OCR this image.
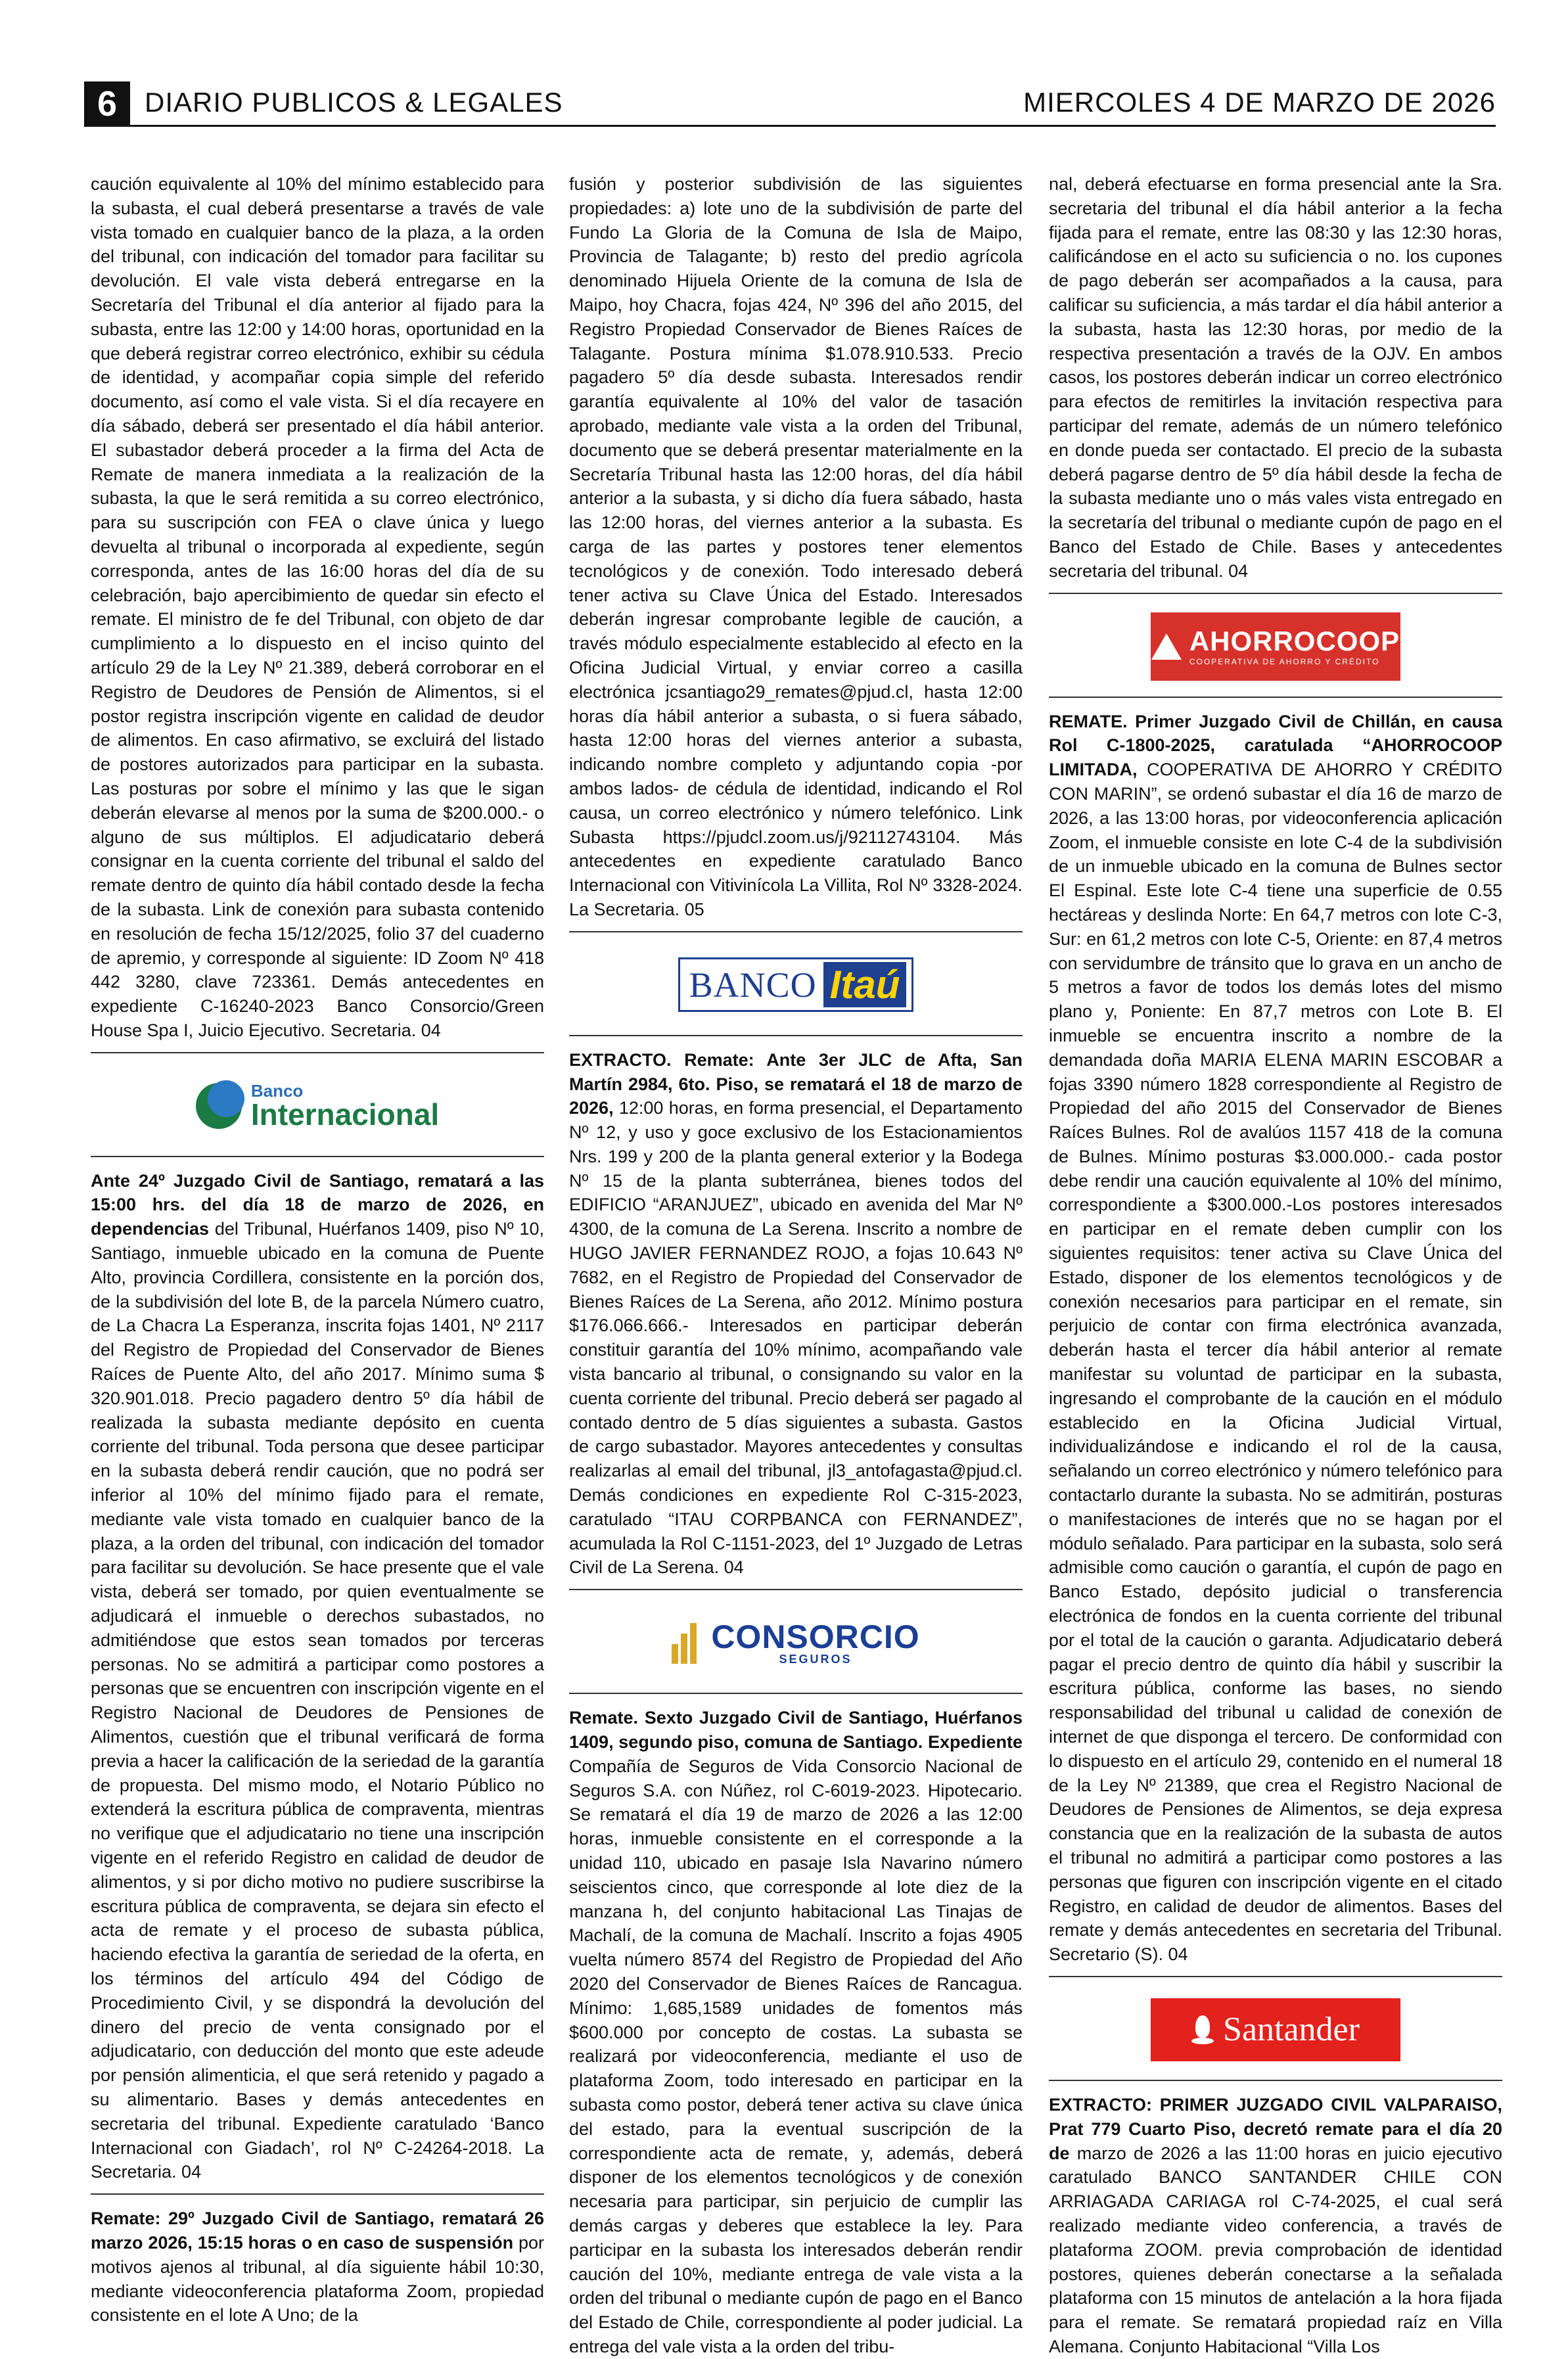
6 DIARIO PUBLICOS & LEGALES	MIERCOLES 4 DE MARZO DE 2026

caución equivalente al 10% del mínimo establecido para la subasta, el cual deberá presentarse a través de vale vista tomado en cualquier banco de la plaza, a la orden del tribunal, con indicación del tomador para facilitar su devolución. El vale vista deberá entregarse en la Secretaría del Tribunal el día anterior al fijado para la subasta, entre las 12:00 y 14:00 horas, oportunidad en la que deberá registrar correo electrónico, exhibir su cédula de identidad, y acompañar copia simple del referido documento, así como el vale vista. Si el día recayere en día sábado, deberá ser presentado el día hábil anterior. El subastador deberá proceder a la firma del Acta de Remate de manera inmediata a la realización de la subasta, la que le será remitida a su correo electrónico, para su suscripción con FEA o clave única y luego devuelta al tribunal o incorporada al expediente, según corresponda, antes de las 16:00 horas del día de su celebración, bajo apercibimiento de quedar sin efecto el remate. El ministro de fe del Tribunal, con objeto de dar cumplimiento a lo dispuesto en el inciso quinto del artículo 29 de la Ley Nº 21.389, deberá corroborar en el Registro de Deudores de Pensión de Alimentos, si el postor registra inscripción vigente en calidad de deudor de alimentos. En caso afirmativo, se excluirá del listado de postores autorizados para participar en la subasta. Las posturas por sobre el mínimo y las que le sigan deberán elevarse al menos por la suma de $200.000.- o alguno de sus múltiplos. El adjudicatario deberá consignar en la cuenta corriente del tribunal el saldo del remate dentro de quinto día hábil contado desde la fecha de la subasta. Link de conexión para subasta contenido en resolución de fecha 15/12/2025, folio 37 del cuaderno de apremio, y corresponde al siguiente: ID Zoom Nº 418 442 3280, clave 723361. Demás antecedentes en expediente C-16240-2023 Banco Consorcio/Green House Spa I, Juicio Ejecutivo. Secretaria. 04

Banco
Internacional

Ante 24º Juzgado Civil de Santiago, rematará a las 15:00 hrs. del día 18 de marzo de 2026, en dependencias del Tribunal, Huérfanos 1409, piso Nº 10, Santiago, inmueble ubicado en la comuna de Puente Alto, provincia Cordillera, consistente en la porción dos, de la subdivisión del lote B, de la parcela Número cuatro, de La Chacra La Esperanza, inscrita fojas 1401, Nº 2117 del Registro de Propiedad del Conservador de Bienes Raíces de Puente Alto, del año 2017. Mínimo suma $ 320.901.018. Precio pagadero dentro 5º día hábil de realizada la subasta mediante depósito en cuenta corriente del tribunal. Toda persona que desee participar en la subasta deberá rendir caución, que no podrá ser inferior al 10% del mínimo fijado para el remate, mediante vale vista tomado en cualquier banco de la plaza, a la orden del tribunal, con indicación del tomador para facilitar su devolución. Se hace presente que el vale vista, deberá ser tomado, por quien eventualmente se adjudicará el inmueble o derechos subastados, no admitiéndose que estos sean tomados por terceras personas. No se admitirá a participar como postores a personas que se encuentren con inscripción vigente en el Registro Nacional de Deudores de Pensiones de Alimentos, cuestión que el tribunal verificará de forma previa a hacer la calificación de la seriedad de la garantía de propuesta. Del mismo modo, el Notario Público no extenderá la escritura pública de compraventa, mientras no verifique que el adjudicatario no tiene una inscripción vigente en el referido Registro en calidad de deudor de alimentos, y si por dicho motivo no pudiere suscribirse la escritura pública de compraventa, se dejara sin efecto el acta de remate y el proceso de subasta pública, haciendo efectiva la garantía de seriedad de la oferta, en los términos del artículo 494 del Código de Procedimiento Civil, y se dispondrá la devolución del dinero del precio de venta consignado por el adjudicatario, con deducción del monto que este adeude por pensión alimenticia, el que será retenido y pagado a su alimentario. Bases y demás antecedentes en secretaria del tribunal. Expediente caratulado ‘Banco Internacional con Giadach’, rol Nº C-24264-2018. La Secretaria. 04

Remate: 29º Juzgado Civil de Santiago, rematará 26 marzo 2026, 15:15 horas o en caso de suspensión por motivos ajenos al tribunal, al día siguiente hábil 10:30, mediante videoconferencia plataforma Zoom, propiedad consistente en el lote A Uno; de la

fusión y posterior subdivisión de las siguientes propiedades: a) lote uno de la subdivisión de parte del Fundo La Gloria de la Comuna de Isla de Maipo, Provincia de Talagante; b) resto del predio agrícola denominado Hijuela Oriente de la comuna de Isla de Maipo, hoy Chacra, fojas 424, Nº 396 del año 2015, del Registro Propiedad Conservador de Bienes Raíces de Talagante. Postura mínima $1.078.910.533. Precio pagadero 5º día desde subasta. Interesados rendir garantía equivalente al 10% del valor de tasación aprobado, mediante vale vista a la orden del Tribunal, documento que se deberá presentar materialmente en la Secretaría Tribunal hasta las 12:00 horas, del día hábil anterior a la subasta, y si dicho día fuera sábado, hasta las 12:00 horas, del viernes anterior a la subasta. Es carga de las partes y postores tener elementos tecnológicos y de conexión. Todo interesado deberá tener activa su Clave Única del Estado. Interesados deberán ingresar comprobante legible de caución, a través módulo especialmente establecido al efecto en la Oficina Judicial Virtual, y enviar correo a casilla electrónica jcsantiago29_remates@pjud.cl, hasta 12:00 horas día hábil anterior a subasta, o si fuera sábado, hasta 12:00 horas del viernes anterior a subasta, indicando nombre completo y adjuntando copia -por ambos lados- de cédula de identidad, indicando el Rol causa, un correo electrónico y número telefónico. Link Subasta https://pjudcl.zoom.us/j/92112743104. Más antecedentes en expediente caratulado Banco Internacional con Vitivinícola La Villita, Rol Nº 3328-2024. La Secretaria. 05

BANCO Itaú

EXTRACTO. Remate: Ante 3er JLC de Afta, San Martín 2984, 6to. Piso, se rematará el 18 de marzo de 2026, 12:00 horas, en forma presencial, el Departamento Nº 12, y uso y goce exclusivo de los Estacionamientos Nrs. 199 y 200 de la planta general exterior y la Bodega Nº 15 de la planta subterránea, bienes todos del EDIFICIO “ARANJUEZ”, ubicado en avenida del Mar Nº 4300, de la comuna de La Serena. Inscrito a nombre de HUGO JAVIER FERNANDEZ ROJO, a fojas 10.643 Nº 7682, en el Registro de Propiedad del Conservador de Bienes Raíces de La Serena, año 2012. Mínimo postura $176.066.666.- Interesados en participar deberán constituir garantía del 10% mínimo, acompañando vale vista bancario al tribunal, o consignando su valor en la cuenta corriente del tribunal. Precio deberá ser pagado al contado dentro de 5 días siguientes a subasta. Gastos de cargo subastador. Mayores antecedentes y consultas realizarlas al email del tribunal, jl3_antofagasta@pjud.cl. Demás condiciones en expediente Rol C-315-2023, caratulado “ITAU CORPBANCA con FERNANDEZ”, acumulada la Rol C-1151-2023, del 1º Juzgado de Letras Civil de La Serena. 04

CONSORCIO
SEGUROS

Remate. Sexto Juzgado Civil de Santiago, Huérfanos 1409, segundo piso, comuna de Santiago. Expediente Compañía de Seguros de Vida Consorcio Nacional de Seguros S.A. con Núñez, rol C-6019-2023. Hipotecario. Se rematará el día 19 de marzo de 2026 a las 12:00 horas, inmueble consistente en el corresponde a la unidad 110, ubicado en pasaje Isla Navarino número seiscientos cinco, que corresponde al lote diez de la manzana h, del conjunto habitacional Las Tinajas de Machalí, de la comuna de Machalí. Inscrito a fojas 4905 vuelta número 8574 del Registro de Propiedad del Año 2020 del Conservador de Bienes Raíces de Rancagua. Mínimo: 1,685,1589 unidades de fomentos más $600.000 por concepto de costas. La subasta se realizará por videoconferencia, mediante el uso de plataforma Zoom, todo interesado en participar en la subasta como postor, deberá tener activa su clave única del estado, para la eventual suscripción de la correspondiente acta de remate, y, además, deberá disponer de los elementos tecnológicos y de conexión necesaria para participar, sin perjuicio de cumplir las demás cargas y deberes que establece la ley. Para participar en la subasta los interesados deberán rendir caución del 10%, mediante entrega de vale vista a la orden del tribunal o mediante cupón de pago en el Banco del Estado de Chile, correspondiente al poder judicial. La entrega del vale vista a la orden del tribu-

nal, deberá efectuarse en forma presencial ante la Sra. secretaria del tribunal el día hábil anterior a la fecha fijada para el remate, entre las 08:30 y las 12:30 horas, calificándose en el acto su suficiencia o no. los cupones de pago deberán ser acompañados a la causa, para calificar su suficiencia, a más tardar el día hábil anterior a la subasta, hasta las 12:30 horas, por medio de la respectiva presentación a través de la OJV. En ambos casos, los postores deberán indicar un correo electrónico para efectos de remitirles la invitación respectiva para participar del remate, además de un número telefónico en donde pueda ser contactado. El precio de la subasta deberá pagarse dentro de 5º día hábil desde la fecha de la subasta mediante uno o más vales vista entregado en la secretaría del tribunal o mediante cupón de pago en el Banco del Estado de Chile. Bases y antecedentes secretaria del tribunal. 04

AHORROCOOP
COOPERATIVA DE AHORRO Y CRÉDITO

REMATE. Primer Juzgado Civil de Chillán, en causa Rol C-1800-2025, caratulada “AHORROCOOP LIMITADA, COOPERATIVA DE AHORRO Y CRÉDITO CON MARIN”, se ordenó subastar el día 16 de marzo de 2026, a las 13:00 horas, por videoconferencia aplicación Zoom, el inmueble consiste en lote C-4 de la subdivisión de un inmueble ubicado en la comuna de Bulnes sector El Espinal. Este lote C-4 tiene una superficie de 0.55 hectáreas y deslinda Norte: En 64,7 metros con lote C-3, Sur: en 61,2 metros con lote C-5, Oriente: en 87,4 metros con servidumbre de tránsito que lo grava en un ancho de 5 metros a favor de todos los demás lotes del mismo plano y, Poniente: En 87,7 metros con Lote B. El inmueble se encuentra inscrito a nombre de la demandada doña MARIA ELENA MARIN ESCOBAR a fojas 3390 número 1828 correspondiente al Registro de Propiedad del año 2015 del Conservador de Bienes Raíces Bulnes. Rol de avalúos 1157 418 de la comuna de Bulnes. Mínimo posturas $3.000.000.- cada postor debe rendir una caución equivalente al 10% del mínimo, correspondiente a $300.000.-Los postores interesados en participar en el remate deben cumplir con los siguientes requisitos: tener activa su Clave Única del Estado, disponer de los elementos tecnológicos y de conexión necesarios para participar en el remate, sin perjuicio de contar con firma electrónica avanzada, deberán hasta el tercer día hábil anterior al remate manifestar su voluntad de participar en la subasta, ingresando el comprobante de la caución en el módulo establecido en la Oficina Judicial Virtual, individualizándose e indicando el rol de la causa, señalando un correo electrónico y número telefónico para contactarlo durante la subasta. No se admitirán, posturas o manifestaciones de interés que no se hagan por el módulo señalado. Para participar en la subasta, solo será admisible como caución o garantía, el cupón de pago en Banco Estado, depósito judicial o transferencia electrónica de fondos en la cuenta corriente del tribunal por el total de la caución o garanta. Adjudicatario deberá pagar el precio dentro de quinto día hábil y suscribir la escritura pública, conforme las bases, no siendo responsabilidad del tribunal u calidad de conexión de internet de que disponga el tercero. De conformidad con lo dispuesto en el artículo 29, contenido en el numeral 18 de la Ley Nº 21389, que crea el Registro Nacional de Deudores de Pensiones de Alimentos, se deja expresa constancia que en la realización de la subasta de autos el tribunal no admitirá a participar como postores a las personas que figuren con inscripción vigente en el citado Registro, en calidad de deudor de alimentos. Bases del remate y demás antecedentes en secretaria del Tribunal. Secretario (S). 04

Santander

EXTRACTO: PRIMER JUZGADO CIVIL VALPARAISO, Prat 779 Cuarto Piso, decretó remate para el día 20 de marzo de 2026 a las 11:00 horas en juicio ejecutivo caratulado BANCO SANTANDER CHILE CON ARRIAGADA CARIAGA rol C-74-2025, el cual será realizado mediante video conferencia, a través de plataforma ZOOM. previa comprobación de identidad postores, quienes deberán conectarse a la señalada plataforma con 15 minutos de antelación a la hora fijada para el remate. Se rematará propiedad raíz en Villa Alemana. Conjunto Habitacional “Villa Los
